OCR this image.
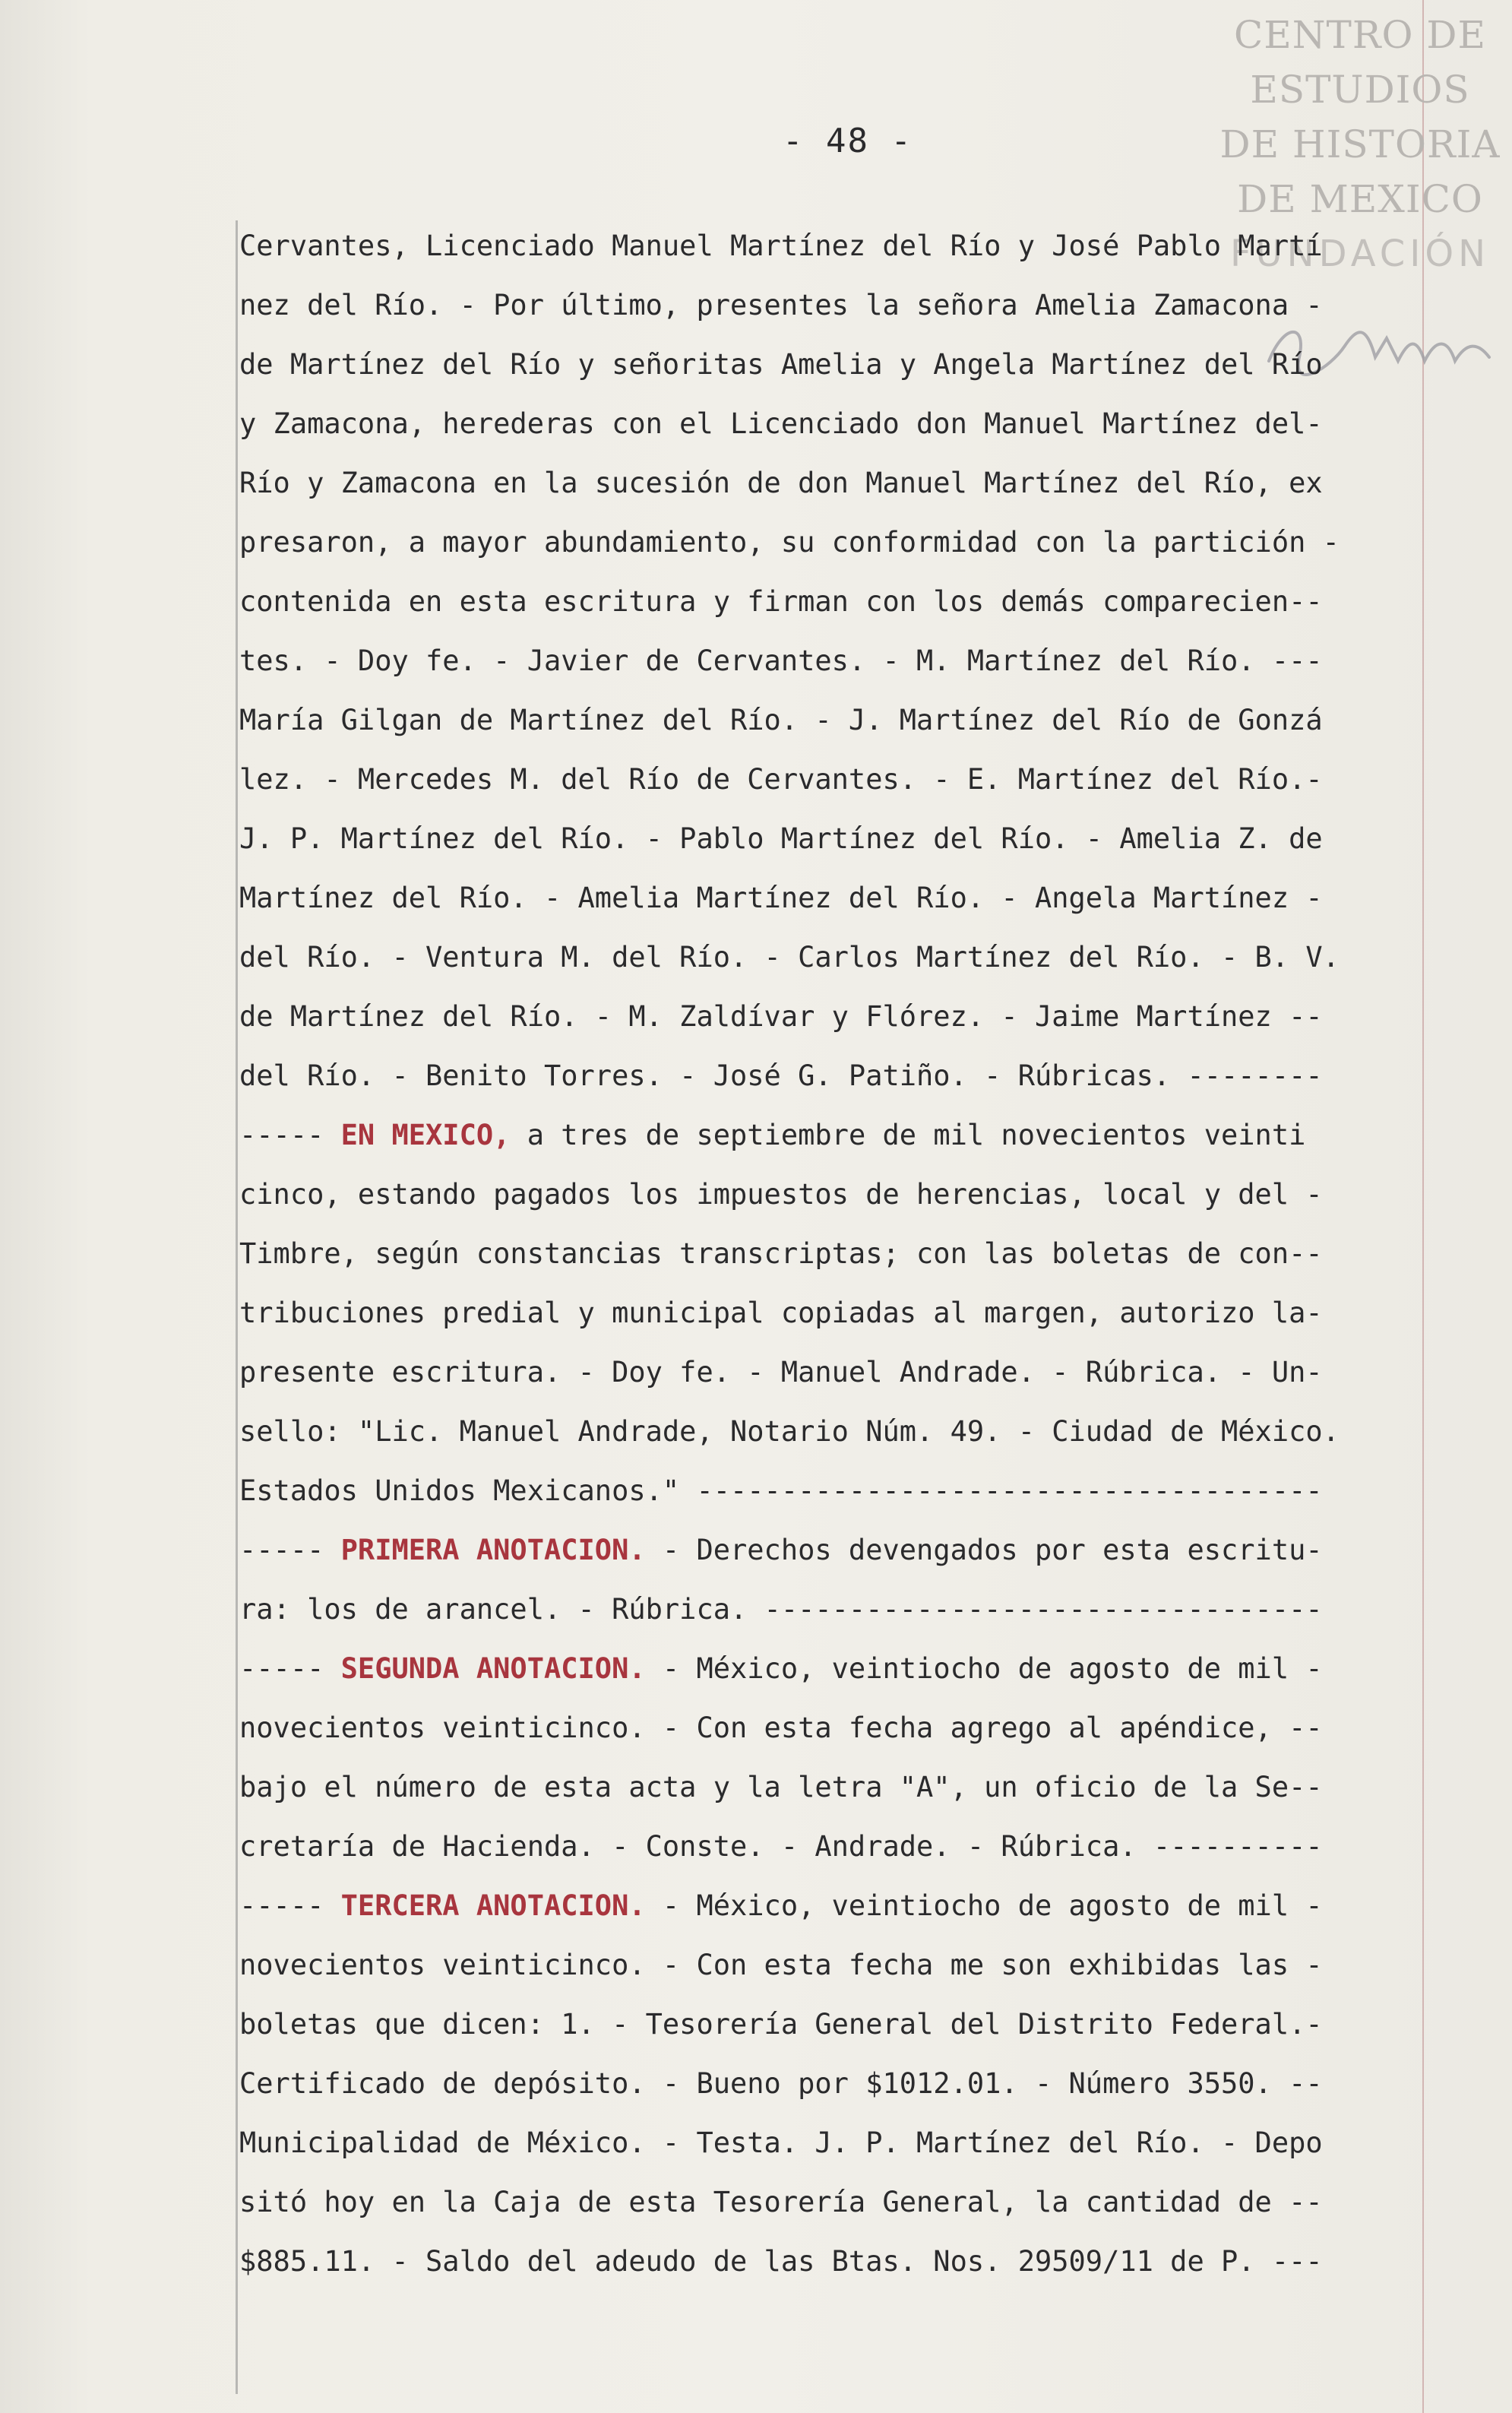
CENTRO DE
ESTUDIOS
DE HISTORIA
DE MEXICO
FUNDACIÓN
- 48 -
Cervantes, Licenciado Manuel Martínez del Río y José Pablo Martí
nez del Río. - Por último, presentes la señora Amelia Zamacona -
de Martínez del Río y señoritas Amelia y Angela Martínez del Río
y Zamacona, herederas con el Licenciado don Manuel Martínez del-
Río y Zamacona en la sucesión de don Manuel Martínez del Río, ex
presaron, a mayor abundamiento, su conformidad con la partición -
contenida en esta escritura y firman con los demás comparecien--
tes. - Doy fe. - Javier de Cervantes. - M. Martínez del Río. ---
María Gilgan de Martínez del Río. - J. Martínez del Río de Gonzá
lez. - Mercedes M. del Río de Cervantes. - E. Martínez del Río.-
J. P. Martínez del Río. - Pablo Martínez del Río. - Amelia Z. de
Martínez del Río. - Amelia Martínez del Río. - Angela Martínez -
del Río. - Ventura M. del Río. - Carlos Martínez del Río. - B. V.
de Martínez del Río. - M. Zaldívar y Flórez. - Jaime Martínez --
del Río. - Benito Torres. - José G. Patiño. - Rúbricas. --------
----- EN MEXICO, a tres de septiembre de mil novecientos veinti
cinco, estando pagados los impuestos de herencias, local y del -
Timbre, según constancias transcriptas; con las boletas de con--
tribuciones predial y municipal copiadas al margen, autorizo la-
presente escritura. - Doy fe. - Manuel Andrade. - Rúbrica. - Un-
sello: "Lic. Manuel Andrade, Notario Núm. 49. - Ciudad de México.
Estados Unidos Mexicanos." -------------------------------------
----- PRIMERA ANOTACION. - Derechos devengados por esta escritu-
ra: los de arancel. - Rúbrica. ---------------------------------
----- SEGUNDA ANOTACION. - México, veintiocho de agosto de mil -
novecientos veinticinco. - Con esta fecha agrego al apéndice, --
bajo el número de esta acta y la letra "A", un oficio de la Se--
cretaría de Hacienda. - Conste. - Andrade. - Rúbrica. ----------
----- TERCERA ANOTACION. - México, veintiocho de agosto de mil -
novecientos veinticinco. - Con esta fecha me son exhibidas las -
boletas que dicen: 1. - Tesorería General del Distrito Federal.-
Certificado de depósito. - Bueno por $1012.01. - Número 3550. --
Municipalidad de México. - Testa. J. P. Martínez del Río. - Depo
sitó hoy en la Caja de esta Tesorería General, la cantidad de --
$885.11. - Saldo del adeudo de las Btas. Nos. 29509/11 de P. ---
